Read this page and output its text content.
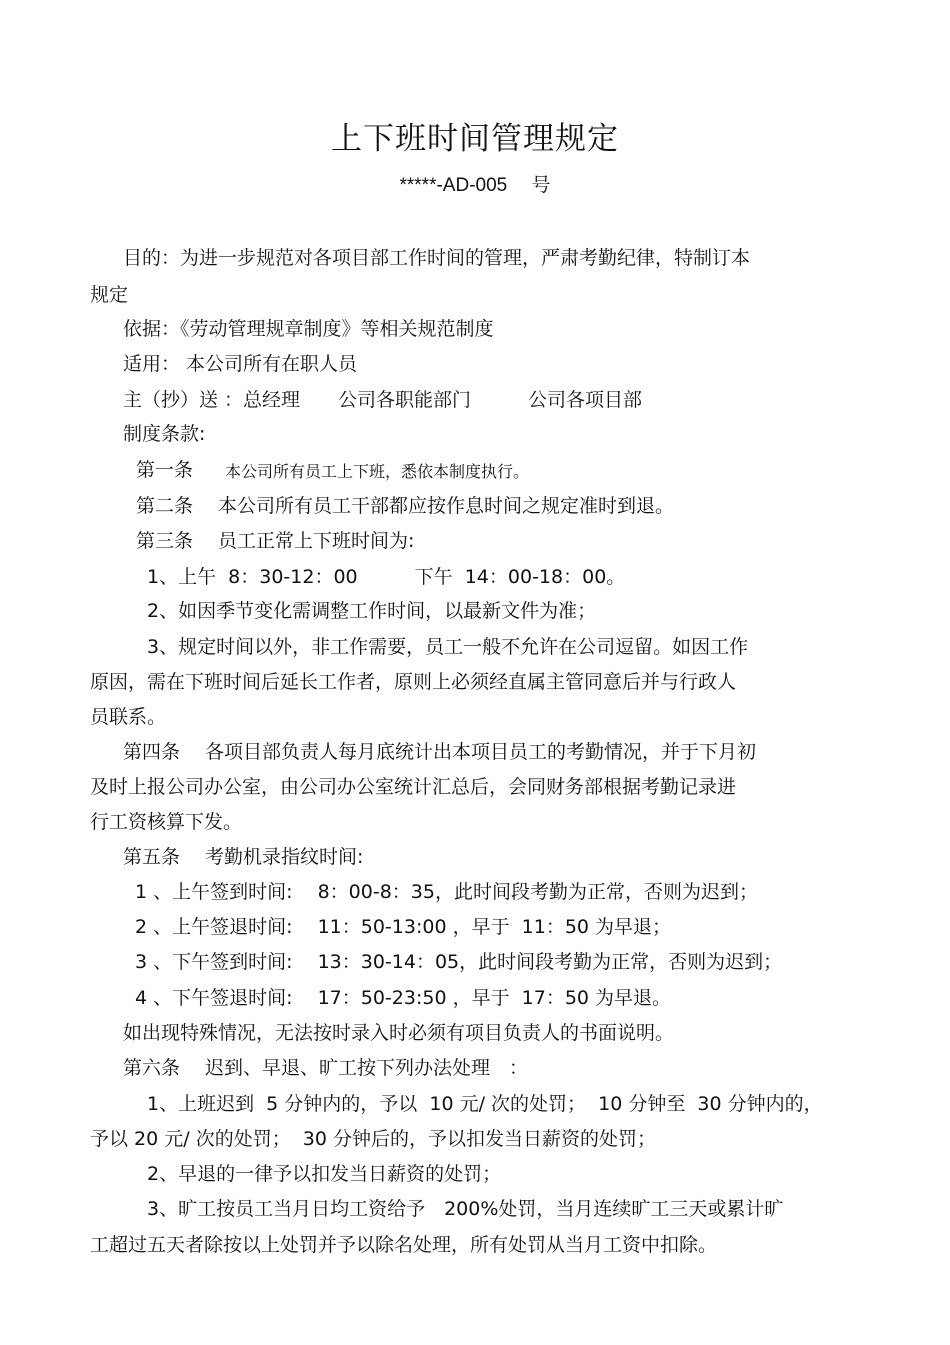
上下班时间管理规定
*****-AD-005　 号
目的：为进一步规范对各项目部工作时间的管理，严肃考勤纪律，特制订本
规定
依据：《劳动管理规章制度》等相关规范制度
适用： 本公司所有在职人员
主（抄）送 ：总经理　　公司各职能部门　　　公司各项目部
制度条款:
第一条 本公司所有员工上下班，悉依本制度执行。
第二条　 本公司所有员工干部都应按作息时间之规定准时到退。
第三条　 员工正常上下班时间为:
1、上午  8：30-12：00　　　下午  14：00-18：00。
2、如因季节变化需调整工作时间，以最新文件为准；
3、规定时间以外，非工作需要，员工一般不允许在公司逗留。如因工作
原因，需在下班时间后延长工作者，原则上必须经直属主管同意后并与行政人
员联系。
第四条　 各项目部负责人每月底统计出本项目员工的考勤情况，并于下月初
及时上报公司办公室，由公司办公室统计汇总后，会同财务部根据考勤记录进
行工资核算下发。
第五条　 考勤机录指纹时间:
1 、上午签到时间:　 8：00-8：35，此时间段考勤为正常，否则为迟到；
2 、上午签退时间:　 11：50-13:00 ，早于  11：50 为早退；
3 、下午签到时间:　 13：30-14：05，此时间段考勤为正常，否则为迟到；
4 、下午签退时间:　 17：50-23:50 ，早于  17：50 为早退。
如出现特殊情况，无法按时录入时必须有项目负责人的书面说明。
第六条　 迟到、早退、旷工按下列办法处理　：
1、上班迟到  5 分钟内的，予以  10 元/ 次的处罚；  10 分钟至  30 分钟内的，
予以 20 元/ 次的处罚；  30 分钟后的，予以扣发当日薪资的处罚；
2、早退的一律予以扣发当日薪资的处罚；
3、旷工按员工当月日均工资给予　200%处罚，当月连续旷工三天或累计旷
工超过五天者除按以上处罚并予以除名处理，所有处罚从当月工资中扣除。
